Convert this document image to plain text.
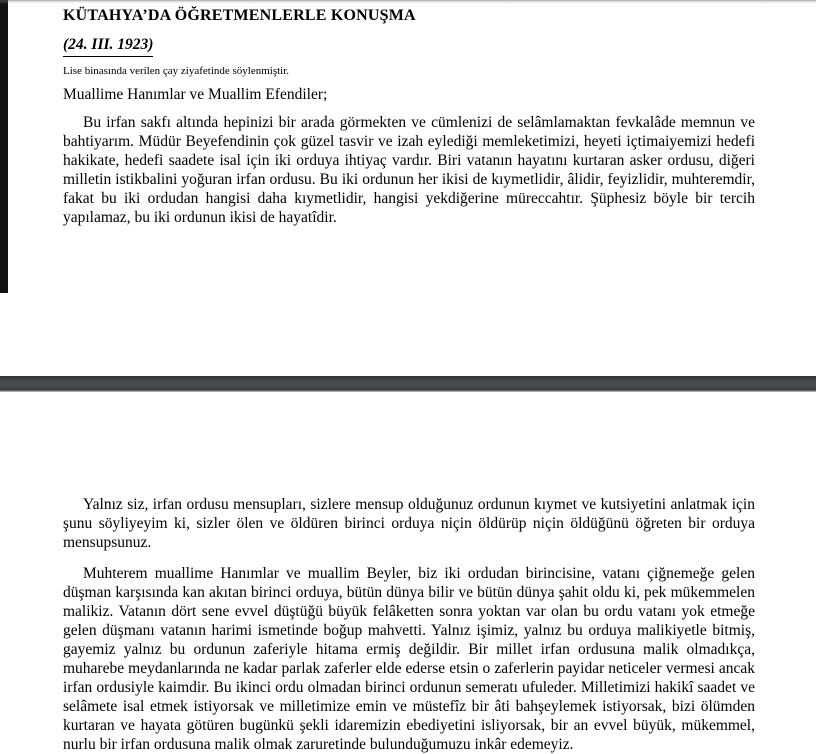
KÜTAHYA’DA ÖĞRETMENLERLE KONUŞMA
(24. III. 1923)
Lise binasında verilen çay ziyafetinde söylenmiştir.
Muallime Hanımlar ve Muallim Efendiler;

Bu irfan sakfı altında hepinizi bir arada görmekten ve cümlenizi de selâmlamaktan fevkalâde memnun ve bahtiyarım. Müdür Beyefendinin çok güzel tasvir ve izah eylediği memleketimizi, heyeti içtimaiyemizi hedefi hakikate, hedefi saadete isal için iki orduya ihtiyaç vardır. Biri vatanın hayatını kurtaran asker ordusu, diğeri milletin istikbalini yoğuran irfan ordusu. Bu iki ordunun her ikisi de kıymetlidir, âlidir, feyizlidir, muhteremdir, fakat bu iki ordudan hangisi daha kıymetlidir, hangisi yekdiğerine müreccahtır. Şüphesiz böyle bir tercih yapılamaz, bu iki ordunun ikisi de hayatîdir.

Yalnız siz, irfan ordusu mensupları, sizlere mensup olduğunuz ordunun kıymet ve kutsiyetini anlatmak için şunu söyliyeyim ki, sizler ölen ve öldüren birinci orduya niçin öldürüp niçin öldüğünü öğreten bir orduya mensupsunuz.

Muhterem muallime Hanımlar ve muallim Beyler, biz iki ordudan birincisine, vatanı çiğnemeğe gelen düşman karşısında kan akıtan birinci orduya, bütün dünya bilir ve bütün dünya şahit oldu ki, pek mükemmelen malikiz. Vatanın dört sene evvel düştüğü büyük felâketten sonra yoktan var olan bu ordu vatanı yok etmeğe gelen düşmanı vatanın harimi ismetinde boğup mahvetti. Yalnız işimiz, yalnız bu orduya malikiyetle bitmiş, gayemiz yalnız bu ordunun zaferiyle hitama ermiş değildir. Bir millet irfan ordusuna malik olmadıkça, muharebe meydanlarında ne kadar parlak zaferler elde ederse etsin o zaferlerin payidar neticeler vermesi ancak irfan ordusiyle kaimdir. Bu ikinci ordu olmadan birinci ordunun semeratı ufuleder. Milletimizi hakikî saadet ve selâmete isal etmek istiyorsak ve milletimize emin ve müstefîz bir âti bahşeylemek istiyorsak, bizi ölümden kurtaran ve hayata götüren bugünkü şekli idaremizin ebediyetini isliyorsak, bir an evvel büyük, mükemmel, nurlu bir irfan ordusuna malik olmak zaruretinde bulunduğumuzu inkâr edemeyiz.
